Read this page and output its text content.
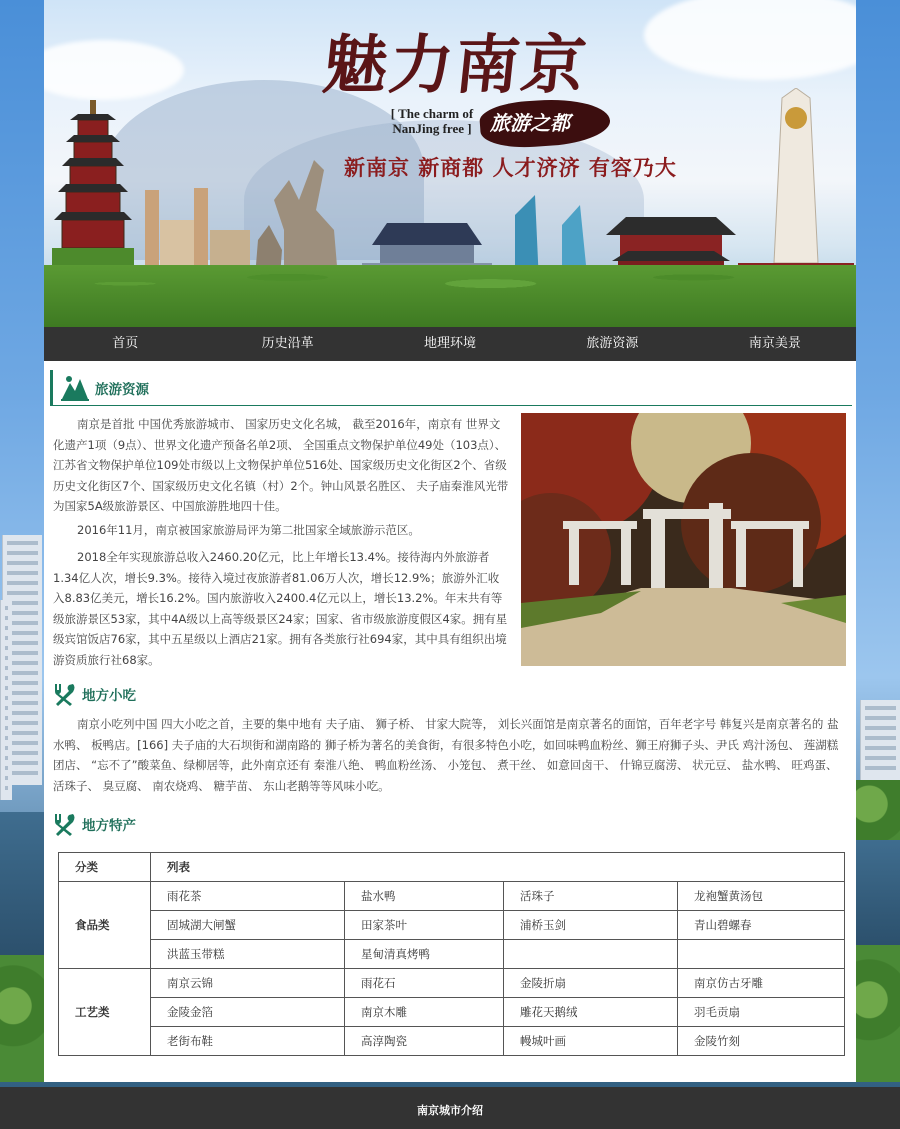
魅力南京
[ The charm of
NanJing free ] 旅游之都
新南京 新商都 人才济济 有容乃大
首页	历史沿革	地理环境	旅游资源	南京美景
旅游资源
南京是首批 中国优秀旅游城市、 国家历史文化名城， 截至2016年，南京有 世界文化遗产1项（9点）、世界文化遗产预备名单2项、 全国重点文物保护单位49处（103点）、江苏省文物保护单位109处市级以上文物保护单位516处、国家级历史文化街区2个、省级历史文化街区7个、国家级历史文化名镇（村）2个。钟山风景名胜区、 夫子庙秦淮风光带为国家5A级旅游景区、中国旅游胜地四十佳。
2016年11月，南京被国家旅游局评为第二批国家全域旅游示范区。
2018全年实现旅游总收入2460.20亿元，比上年增长13.4%。接待海内外旅游者1.34亿人次，增长9.3%。接待入境过夜旅游者81.06万人次，增长12.9%；旅游外汇收入8.83亿美元，增长16.2%。国内旅游收入2400.4亿元以上，增长13.2%。年末共有等级旅游景区53家，其中4A级以上高等级景区24家；国家、省市级旅游度假区4家。拥有星级宾馆饭店76家，其中五星级以上酒店21家。拥有各类旅行社694家，其中具有组织出境游资质旅行社68家。
地方小吃
南京小吃列中国 四大小吃之首，主要的集中地有 夫子庙、 狮子桥、 甘家大院等， 刘长兴面馆是南京著名的面馆，百年老字号 韩复兴是南京著名的 盐水鸭、 板鸭店。[166] 夫子庙的大石坝街和湖南路的 狮子桥为著名的美食街，有很多特色小吃，如回味鸭血粉丝、狮王府狮子头、尹氏 鸡汁汤包、 莲湖糕团店、 “忘不了”酸菜鱼、绿柳居等，此外南京还有 秦淮八绝、 鸭血粉丝汤、 小笼包、 煮干丝、 如意回卤干、 什锦豆腐涝、 状元豆、 盐水鸭、 旺鸡蛋、 活珠子、 臭豆腐、 南农烧鸡、 糖芋苗、 东山老鹅等等风味小吃。
地方特产
分类	列表			
食品类	雨花茶	盐水鸭	活珠子	龙袍蟹黄汤包
	固城湖大闸蟹	田家茶叶	浦桥玉剑	青山碧螺春
	洪蓝玉带糕	星甸清真烤鸭		
工艺类	南京云锦	雨花石	金陵折扇	南京仿古牙雕
	金陵金箔	南京木雕	雕花天鹅绒	羽毛贡扇
	老街布鞋	高淳陶瓷	幔城叶画	金陵竹刻
南京城市介绍
